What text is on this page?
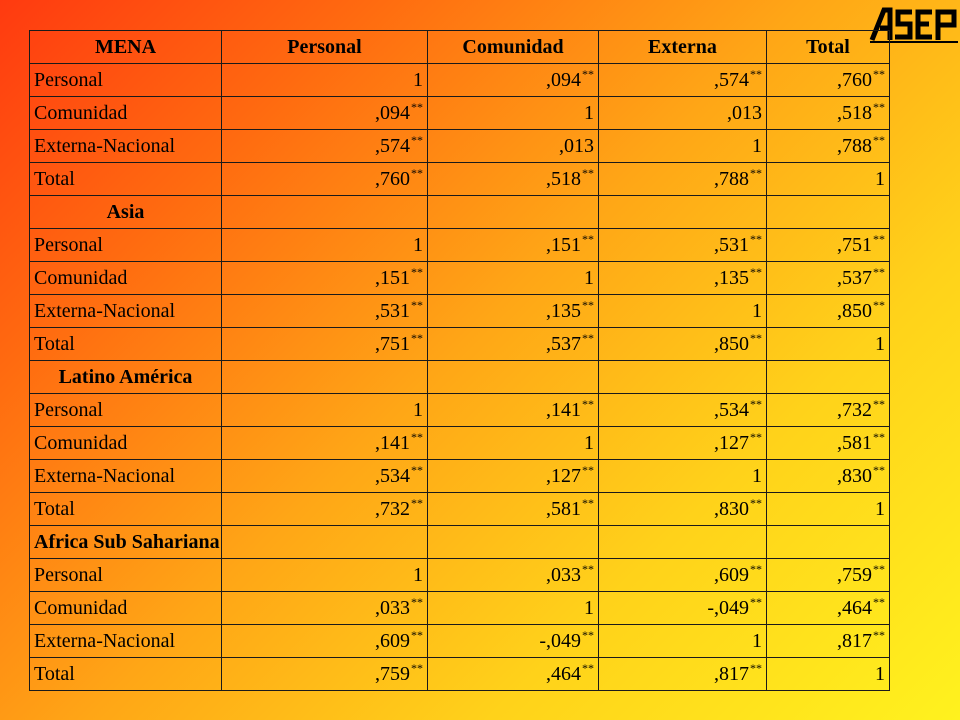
MENA	Personal	Comunidad	Externa	Total
Personal	1	,094**	,574**	,760**
Comunidad	,094**	1	,013	,518**
Externa-Nacional	,574**	,013	1	,788**
Total	,760**	,518**	,788**	1
Asia				
Personal	1	,151**	,531**	,751**
Comunidad	,151**	1	,135**	,537**
Externa-Nacional	,531**	,135**	1	,850**
Total	,751**	,537**	,850**	1
Latino América				
Personal	1	,141**	,534**	,732**
Comunidad	,141**	1	,127**	,581**
Externa-Nacional	,534**	,127**	1	,830**
Total	,732**	,581**	,830**	1
Africa Sub Sahariana				
Personal	1	,033**	,609**	,759**
Comunidad	,033**	1	-,049**	,464**
Externa-Nacional	,609**	-,049**	1	,817**
Total	,759**	,464**	,817**	1
